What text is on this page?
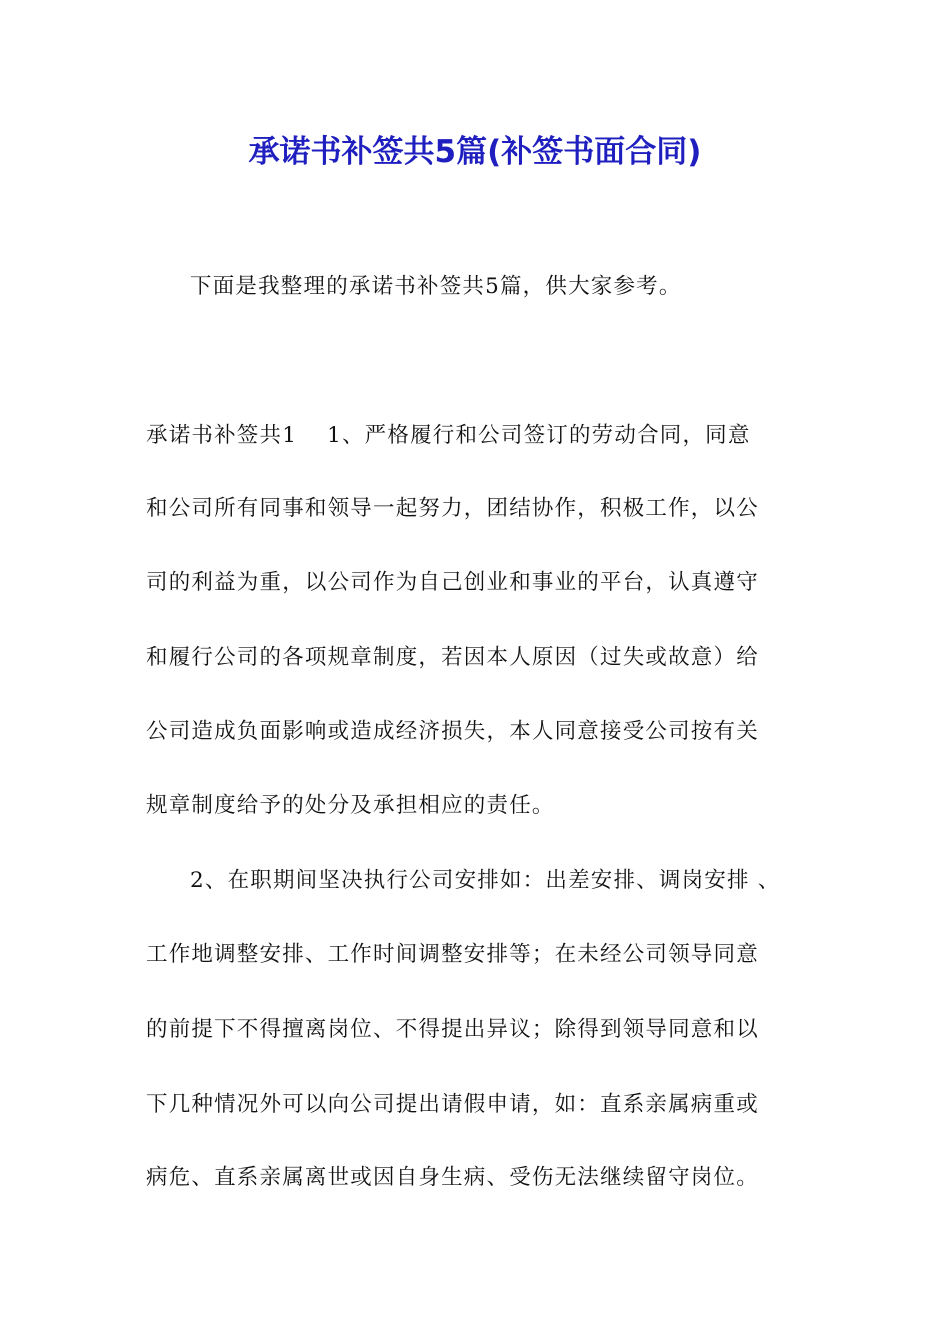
承诺书补签共5篇(补签书面合同)
下面是我整理的承诺书补签共5篇，供大家参考。
承诺书补签共1 1、严格履行和公司签订的劳动合同，同意
和公司所有同事和领导一起努力，团结协作，积极工作，以公
司的利益为重，以公司作为自己创业和事业的平台，认真遵守
和履行公司的各项规章制度，若因本人原因（过失或故意）给
公司造成负面影响或造成经济损失，本人同意接受公司按有关
规章制度给予的处分及承担相应的责任。
2、在职期间坚决执行公司安排如：出差安排、调岗安排 、
工作地调整安排、工作时间调整安排等；在未经公司领导同意
的前提下不得擅离岗位、不得提出异议；除得到领导同意和以
下几种情况外可以向公司提出请假申请，如：直系亲属病重或
病危、直系亲属离世或因自身生病、受伤无法继续留守岗位。
